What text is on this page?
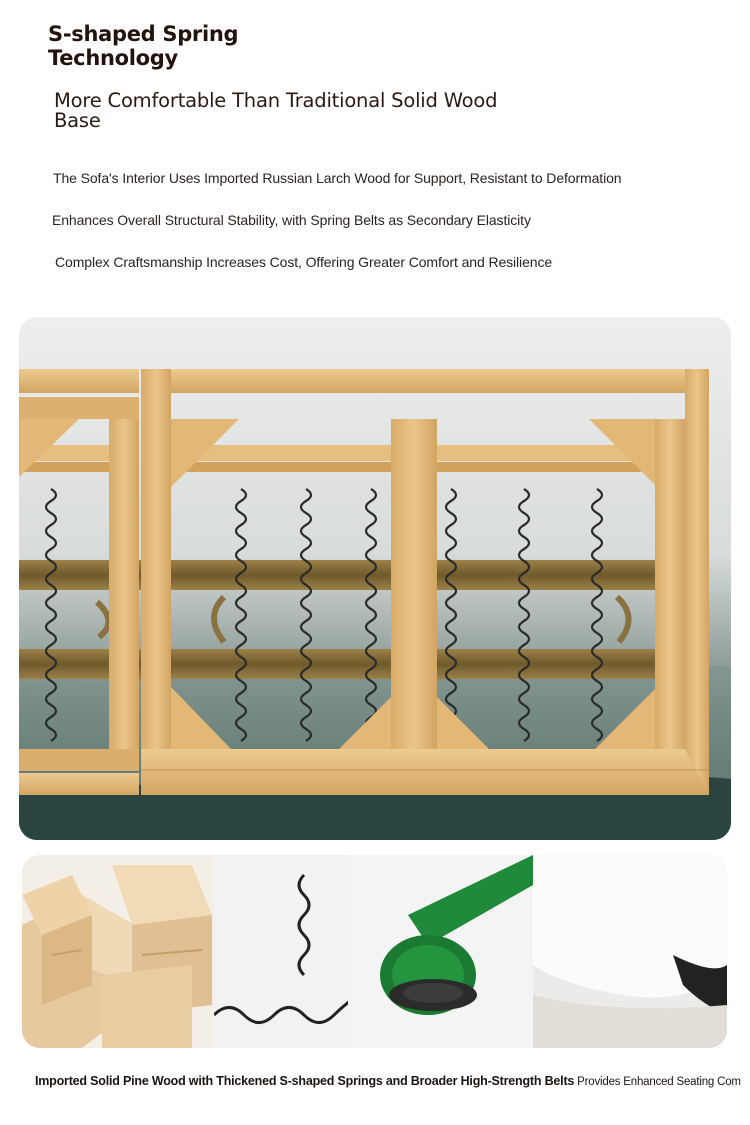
S-shaped Spring Technology
More Comfortable Than Traditional Solid Wood Base
The Sofa's Interior Uses Imported Russian Larch Wood for Support, Resistant to Deformation
Enhances Overall Structural Stability, with Spring Belts as Secondary Elasticity
Complex Craftsmanship Increases Cost, Offering Greater Comfort and Resilience
Imported Solid Pine Wood with Thickened S-shaped Springs and Broader High-Strength Belts Provides Enhanced Seating Com
